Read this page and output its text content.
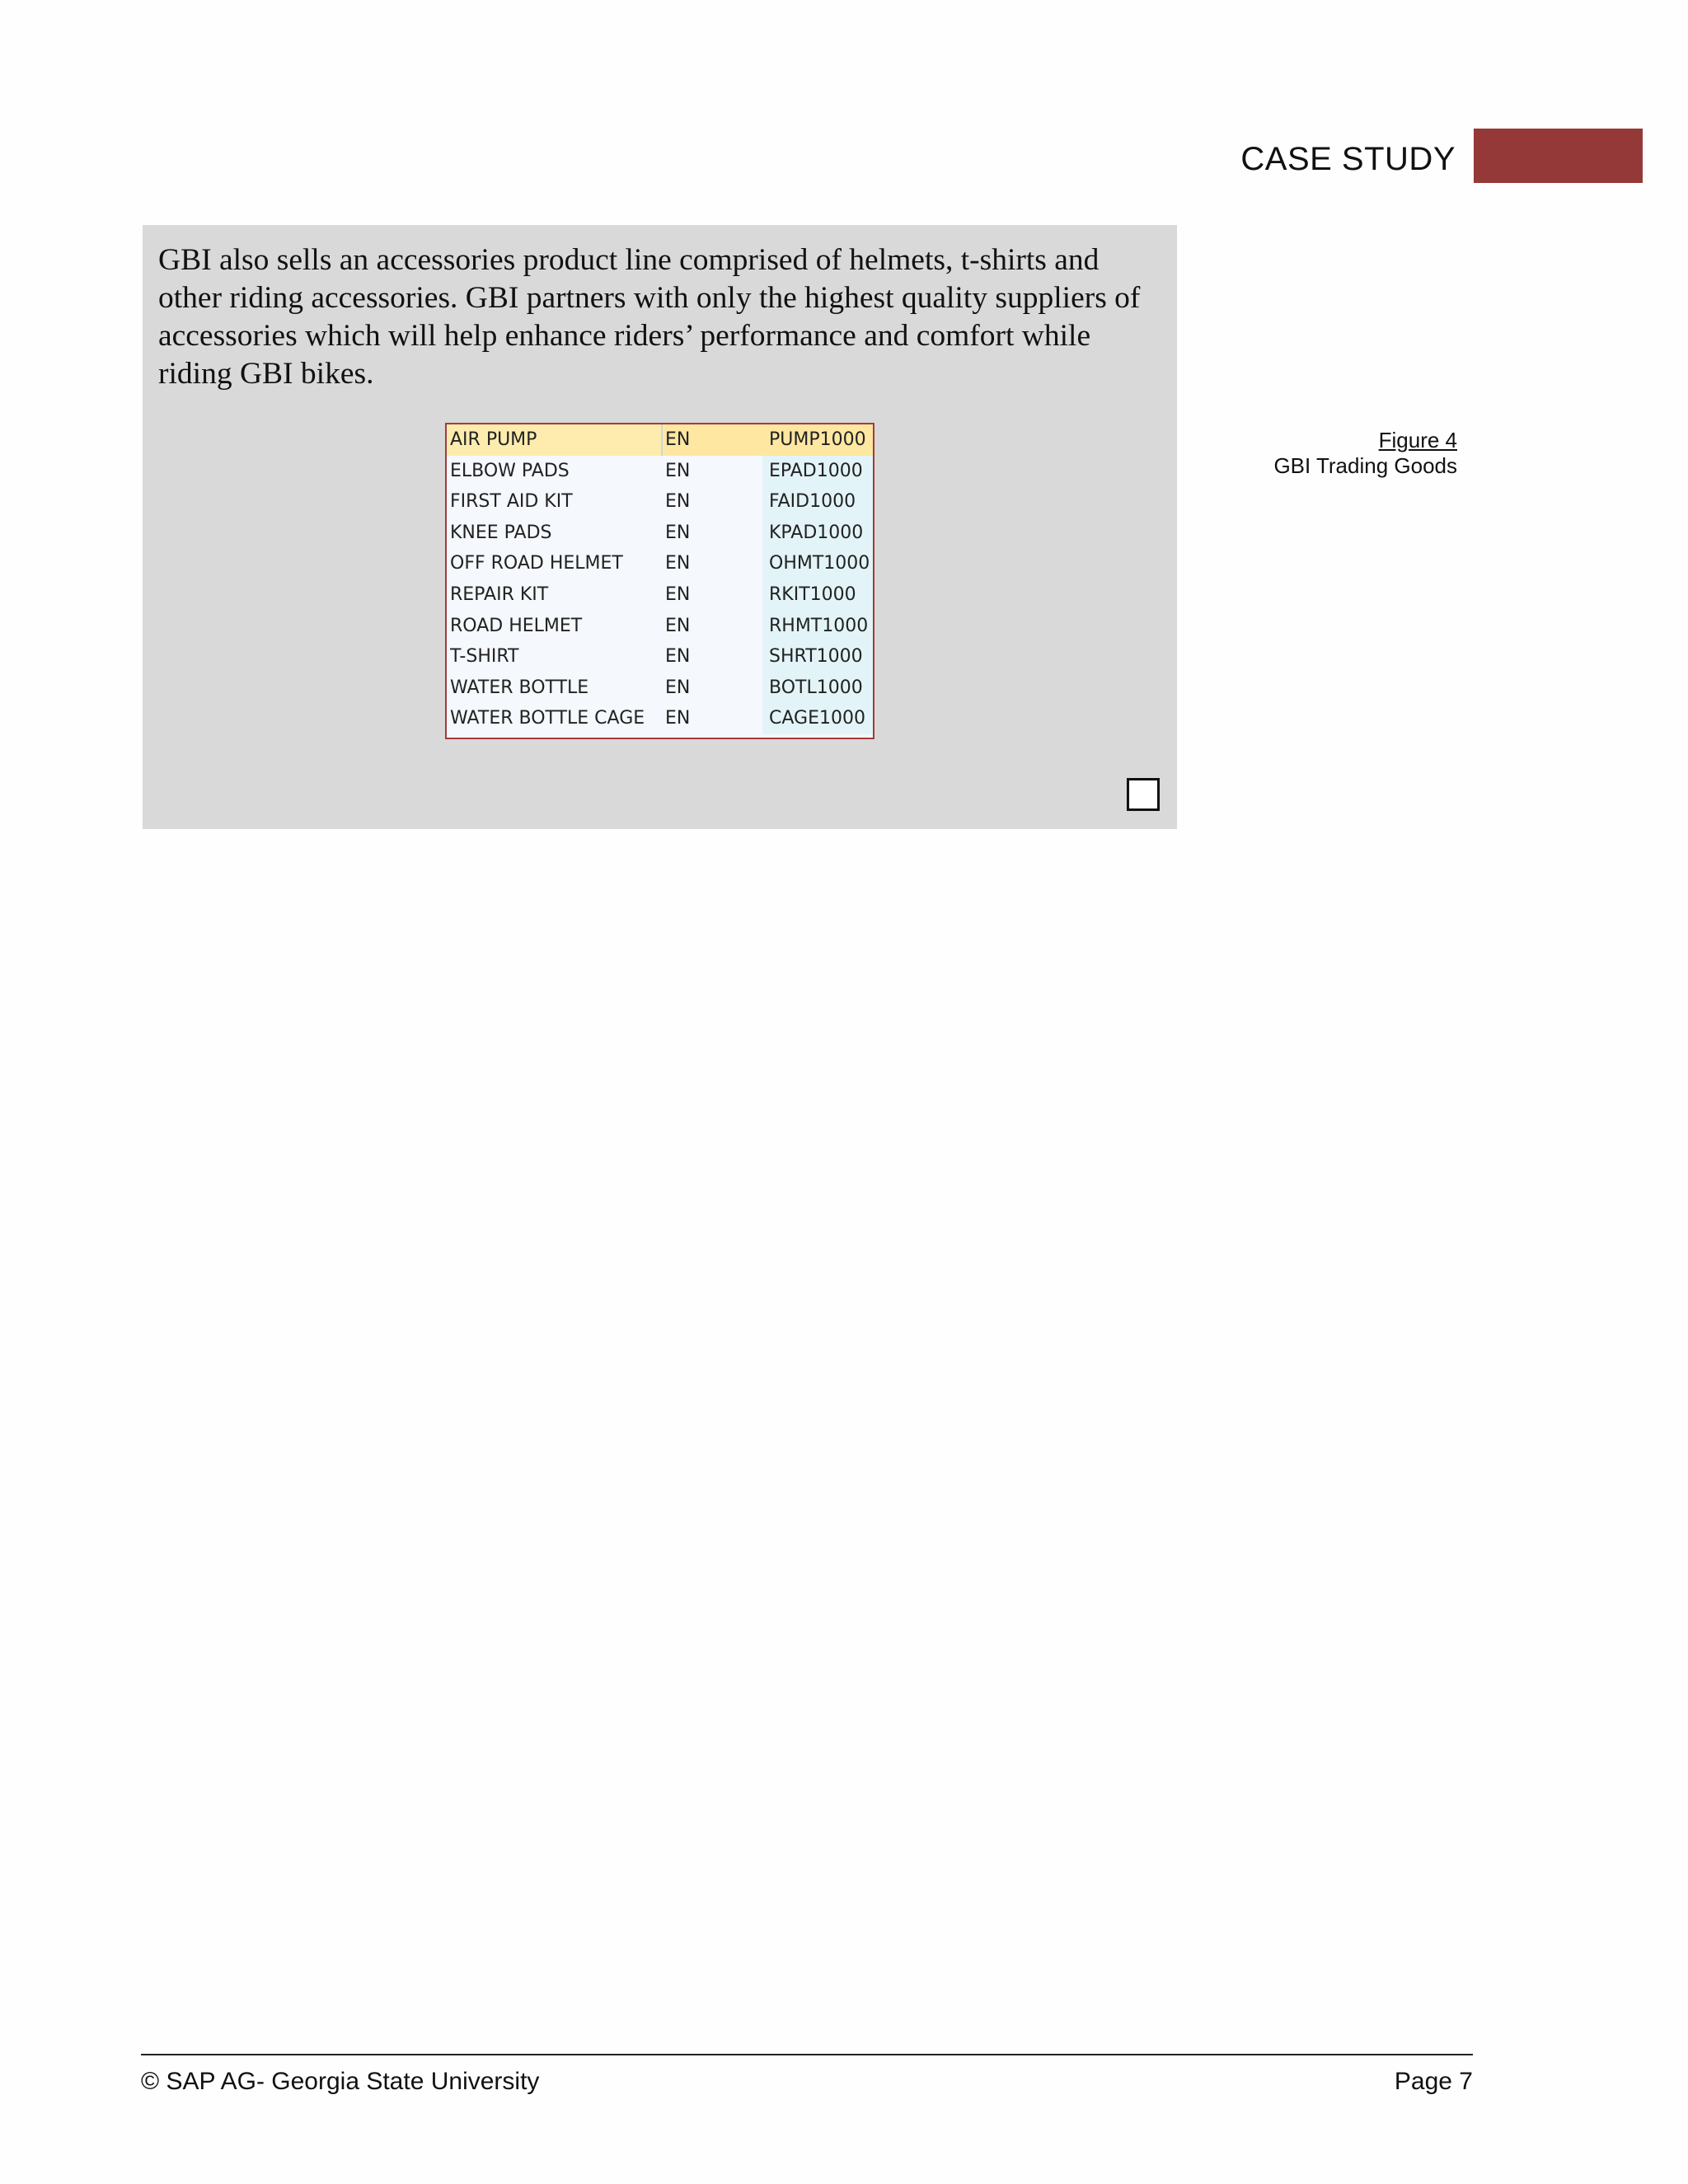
CASE STUDY

GBI also sells an accessories product line comprised of helmets, t-shirts and other riding accessories. GBI partners with only the highest quality suppliers of accessories which will help enhance riders’ performance and comfort while riding GBI bikes.

AIR PUMP	EN	PUMP1000
ELBOW PADS	EN	EPAD1000
FIRST AID KIT	EN	FAID1000
KNEE PADS	EN	KPAD1000
OFF ROAD HELMET	EN	OHMT1000
REPAIR KIT	EN	RKIT1000
ROAD HELMET	EN	RHMT1000
T-SHIRT	EN	SHRT1000
WATER BOTTLE	EN	BOTL1000
WATER BOTTLE CAGE	EN	CAGE1000
Figure 4
GBI Trading Goods
© SAP AG- Georgia State University	Page 7
